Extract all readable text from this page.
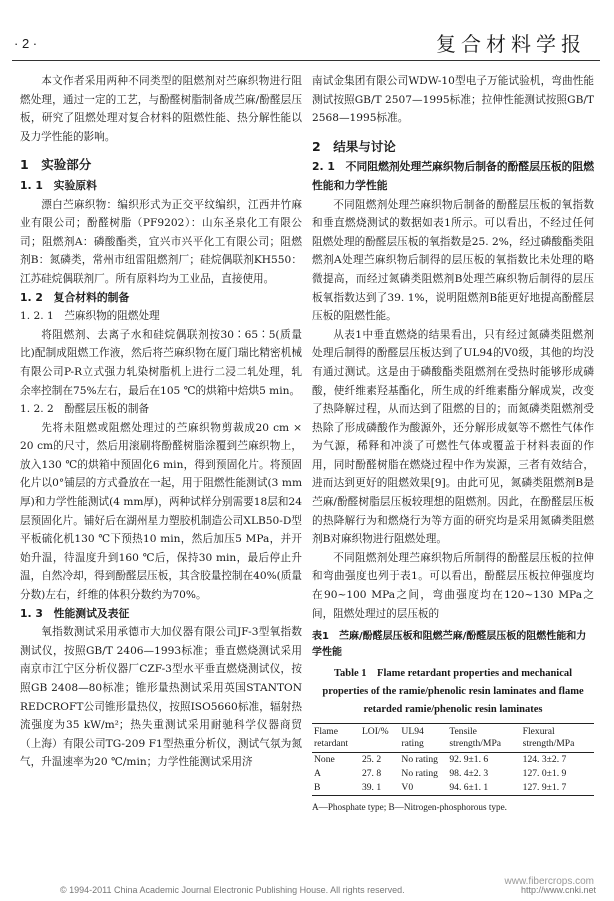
· 2 ·	复合材料学报

本文作者采用两种不同类型的阻燃剂对苎麻织物进行阻燃处理，通过一定的工艺，与酚醛树脂制备成苎麻/酚醛层压板，研究了阻燃处理对复合材料的阻燃性能、热分解性能以及力学性能的影响。

1　实验部分
1. 1　实验原料

漂白苎麻织物：编织形式为正交平纹编织，江西井竹麻业有限公司；酚醛树脂（PF9202）：山东圣泉化工有限公司；阻燃剂A：磷酸酯类，宜兴市兴平化工有限公司；阻燃剂B：氮磷类，常州市纽雷阻燃剂厂；硅烷偶联剂KH550：江苏硅烷偶联剂厂。所有原料均为工业品，直接使用。

1. 2　复合材料的制备
1. 2. 1　苎麻织物的阻燃处理

将阻燃剂、去离子水和硅烷偶联剂按30∶65∶5(质量比)配制成阻燃工作液，然后将苎麻织物在厦门瑞比精密机械有限公司P-R立式强力轧染树脂机上进行二浸二轧处理，轧余率控制在75%左右，最后在105 ℃的烘箱中焙烘5 min。

1. 2. 2　酚醛层压板的制备

先将未阻燃或阻燃处理过的苎麻织物剪裁成20 cm × 20 cm的尺寸，然后用滚刷将酚醛树脂涂覆到苎麻织物上，放入130 ℃的烘箱中预固化6 min，得到预固化片。将预固化片以0°铺层的方式叠放在一起，用于阻燃性能测试(3 mm厚)和力学性能测试(4 mm厚)，两种试样分别需要18层和24层预固化片。铺好后在湖州星力塑胶机制造公司XLB50-D型平板硫化机130 ℃下预热10 min，然后加压5 MPa，并开始升温，待温度升到160 ℃后，保持30 min，最后停止升温，自然冷却，得到酚醛层压板，其含胶量控制在40%(质量分数)左右，纤维的体积分数约为70%。

1. 3　性能测试及表征

氧指数测试采用承德市大加仪器有限公司JF-3型氧指数测试仪，按照GB/T 2406—1993标准；垂直燃烧测试采用南京市江宁区分析仪器厂CZF-3型水平垂直燃烧测试仪，按照GB 2408—80标准；锥形量热测试采用英国STANTON REDCROFT公司锥形量热仪，按照ISO5660标准，辐射热流强度为35 kW/m²；热失重测试采用耐驰科学仪器商贸（上海）有限公司TG-209 F1型热重分析仪，测试气氛为氮气，升温速率为20 ℃/min；力学性能测试采用济

南试金集团有限公司WDW-10型电子万能试验机，弯曲性能测试按照GB/T 2507—1995标准；拉伸性能测试按照GB/T 2568—1995标准。

2　结果与讨论
2. 1　不同阻燃剂处理苎麻织物后制备的酚醛层压板的阻燃性能和力学性能

不同阻燃剂处理苎麻织物后制备的酚醛层压板的氧指数和垂直燃烧测试的数据如表1所示。可以看出，不经过任何阻燃处理的酚醛层压板的氧指数是25. 2%，经过磷酸酯类阻燃剂A处理苎麻织物后制得的层压板的氧指数比未处理的略微提高，而经过氮磷类阻燃剂B处理苎麻织物后制得的层压板氧指数达到了39. 1%，说明阻燃剂B能更好地提高酚醛层压板的阻燃性能。

从表1中垂直燃烧的结果看出，只有经过氮磷类阻燃剂处理后制得的酚醛层压板达到了UL94的V0级，其他的均没有通过测试。这是由于磷酸酯类阻燃剂在受热时能够形成磷酸，使纤维素羟基酯化，所生成的纤维素酯分解成炭，改变了热降解过程，从而达到了阻燃的目的；而氮磷类阻燃剂受热除了形成磷酸作为酸源外，还分解形成氨等不燃性气体作为气源，稀释和冲淡了可燃性气体或覆盖于材料表面的作用，同时酚醛树脂在燃烧过程中作为炭源，三者有效结合，进而达到更好的阻燃效果[9]。由此可见，氮磷类阻燃剂B是苎麻/酚醛树脂层压板较理想的阻燃剂。因此，在酚醛层压板的热降解行为和燃烧行为等方面的研究均是采用氮磷类阻燃剂B对麻织物进行阻燃处理。

不同阻燃剂处理苎麻织物后所制得的酚醛层压板的拉伸和弯曲强度也列于表1。可以看出，酚醛层压板拉伸强度均在90~100 MPa之间，弯曲强度均在120~130 MPa之间，阻燃处理过的层压板的

表1　苎麻/酚醛层压板和阻燃苎麻/酚醛层压板的阻燃性能和力学性能
Table 1　Flame retardant properties and mechanical properties of the ramie/phenolic resin laminates and flame retarded ramie/phenolic resin laminates
Flame retardant	LOI/%	UL94 rating	Tensile strength/MPa	Flexural strength/MPa
None	25. 2	No rating	92. 9±1. 6	124. 3±2. 7
A	27. 8	No rating	98. 4±2. 3	127. 0±1. 9
B	39. 1	V0	94. 6±1. 1	127. 9±1. 7
A—Phosphate type; B—Nitrogen-phosphorous type.
www.fibercrops.com
© 1994-2011 China Academic Journal Electronic Publishing House. All rights reserved.	http://www.cnki.net
